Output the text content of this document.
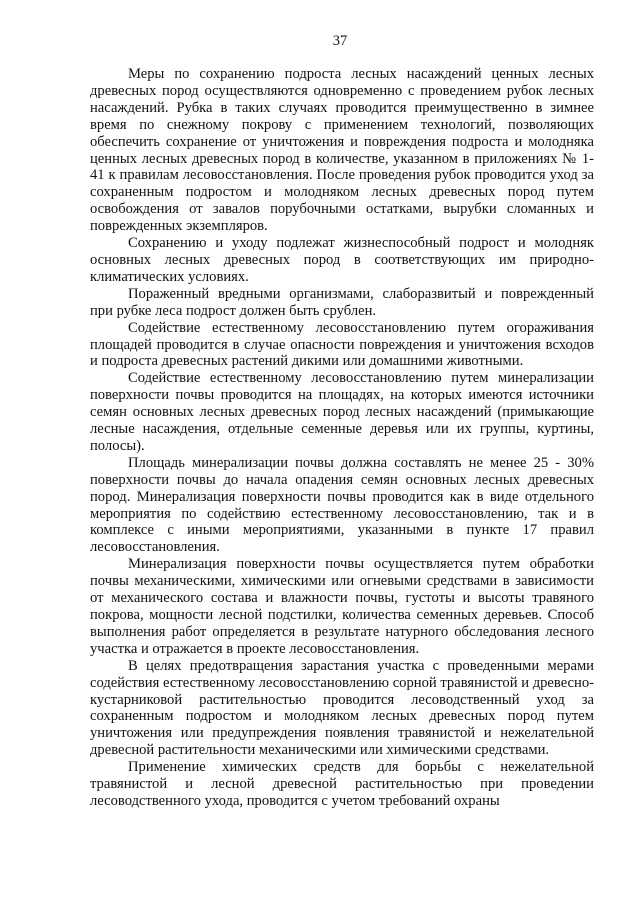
37

Меры по сохранению подроста лесных насаждений ценных лесных древесных пород осуществляются одновременно с проведением рубок лесных насаждений. Рубка в таких случаях проводится преимущественно в зимнее время по снежному покрову с применением технологий, позволяющих обеспечить сохранение от уничтожения и повреждения подроста и молодняка ценных лесных древесных пород в количестве, указанном в приложениях № 1-41 к правилам лесовосстановления. После проведения рубок проводится уход за сохраненным подростом и молодняком лесных древесных пород путем освобождения от завалов порубочными остатками, вырубки сломанных и поврежденных экземпляров.

Сохранению и уходу подлежат жизнеспособный подрост и молодняк основных лесных древесных пород в соответствующих им природно-климатических условиях.

Пораженный вредными организмами, слаборазвитый и поврежденный при рубке леса подрост должен быть срублен.

Содействие естественному лесовосстановлению путем огораживания площадей проводится в случае опасности повреждения и уничтожения всходов и подроста древесных растений дикими или домашними животными.

Содействие естественному лесовосстановлению путем минерализации поверхности почвы проводится на площадях, на которых имеются источники семян основных лесных древесных пород лесных насаждений (примыкающие лесные насаждения, отдельные семенные деревья или их группы, куртины, полосы).

Площадь минерализации почвы должна составлять не менее 25 - 30% поверхности почвы до начала опадения семян основных лесных древесных пород. Минерализация поверхности почвы проводится как в виде отдельного мероприятия по содействию естественному лесовосстановлению, так и в комплексе с иными мероприятиями, указанными в пункте 17 правил лесовосстановления.

Минерализация поверхности почвы осуществляется путем обработки почвы механическими, химическими или огневыми средствами в зависимости от механического состава и влажности почвы, густоты и высоты травяного покрова, мощности лесной подстилки, количества семенных деревьев. Способ выполнения работ определяется в результате натурного обследования лесного участка и отражается в проекте лесовосстановления.

В целях предотвращения зарастания участка с проведенными мерами содействия естественному лесовосстановлению сорной травянистой и древесно-кустарниковой растительностью проводится лесоводственный уход за сохраненным подростом и молодняком лесных древесных пород путем уничтожения или предупреждения появления травянистой и нежелательной древесной растительности механическими или химическими средствами.

Применение химических средств для борьбы с нежелательной травянистой и лесной древесной растительностью при проведении лесоводственного ухода, проводится с учетом требований охраны
